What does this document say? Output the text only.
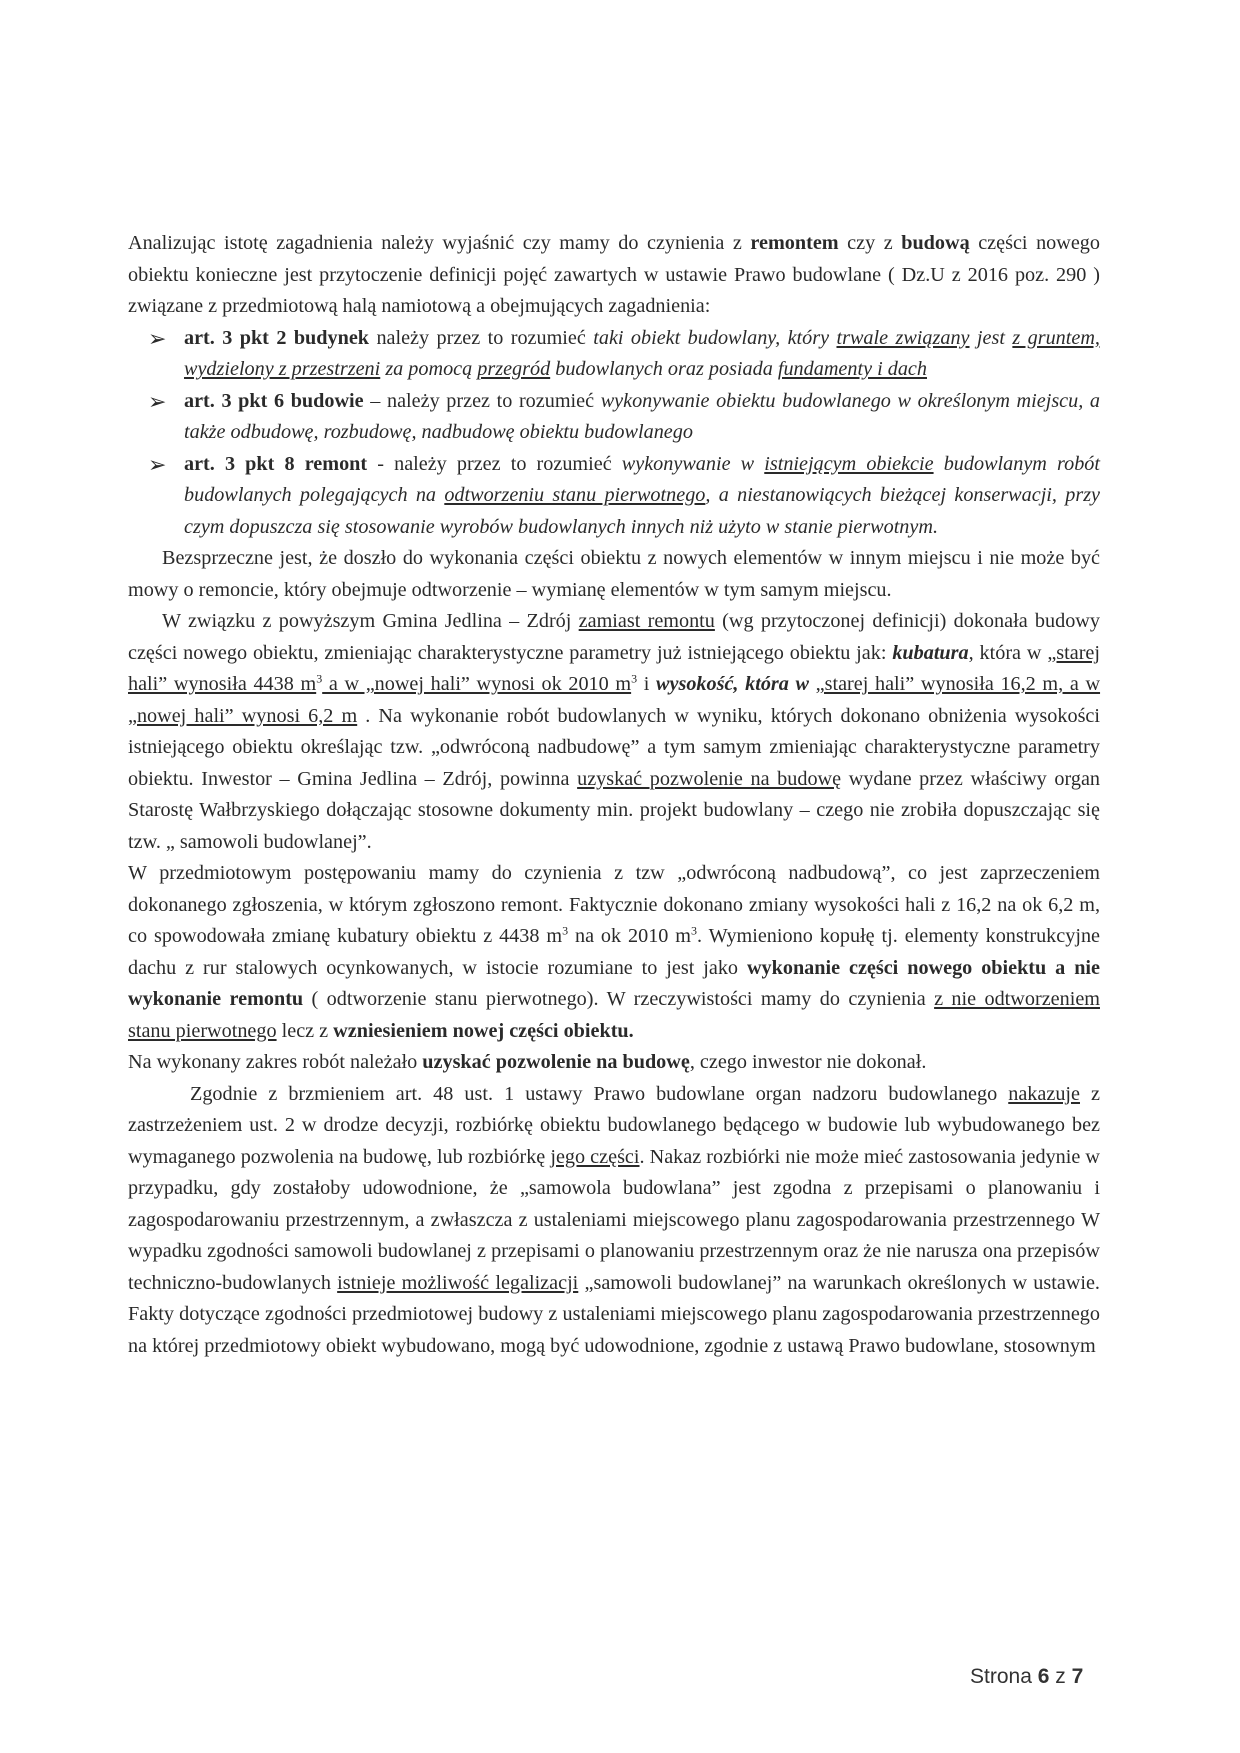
Analizując istotę zagadnienia należy wyjaśnić czy mamy do czynienia z remontem czy z budową części nowego obiektu konieczne jest przytoczenie definicji pojęć zawartych w ustawie Prawo budowlane ( Dz.U z 2016 poz. 290 ) związane z przedmiotową halą namiotową a obejmujących zagadnienia:

➢ art. 3 pkt 2 budynek należy przez to rozumieć taki obiekt budowlany, który trwale związany jest z gruntem, wydzielony z przestrzeni za pomocą przegród budowlanych oraz posiada fundamenty i dach
➢ art. 3 pkt 6 budowie – należy przez to rozumieć wykonywanie obiektu budowlanego w określonym miejscu, a także odbudowę, rozbudowę, nadbudowę obiektu budowlanego
➢ art. 3 pkt 8 remont - należy przez to rozumieć wykonywanie w istniejącym obiekcie budowlanym robót budowlanych polegających na odtworzeniu stanu pierwotnego, a niestanowiących bieżącej konserwacji, przy czym dopuszcza się stosowanie wyrobów budowlanych innych niż użyto w stanie pierwotnym.

Bezsprzeczne jest, że doszło do wykonania części obiektu z nowych elementów w innym miejscu i nie może być mowy o remoncie, który obejmuje odtworzenie – wymianę elementów w tym samym miejscu.

W związku z powyższym Gmina Jedlina – Zdrój zamiast remontu (wg przytoczonej definicji) dokonała budowy części nowego obiektu, zmieniając charakterystyczne parametry już istniejącego obiektu jak: kubatura, która w „starej hali” wynosiła 4438 $m^3$ a w „nowej hali” wynosi ok 2010 $m^3$ i wysokość, która w „starej hali” wynosiła 16,2 m, a w „nowej hali” wynosi 6,2 m . Na wykonanie robót budowlanych w wyniku, których dokonano obniżenia wysokości istniejącego obiektu określając tzw. „odwróconą nadbudowę” a tym samym zmieniając charakterystyczne parametry obiektu. Inwestor – Gmina Jedlina – Zdrój, powinna uzyskać pozwolenie na budowę wydane przez właściwy organ Starostę Wałbrzyskiego dołączając stosowne dokumenty min. projekt budowlany – czego nie zrobiła dopuszczając się tzw. „ samowoli budowlanej”.

W przedmiotowym postępowaniu mamy do czynienia z tzw „odwróconą nadbudową”, co jest zaprzeczeniem dokonanego zgłoszenia, w którym zgłoszono remont. Faktycznie dokonano zmiany wysokości hali z 16,2 na ok 6,2 m, co spowodowała zmianę kubatury obiektu z 4438 $m^3$ na ok 2010 $m^3$. Wymieniono kopułę tj. elementy konstrukcyjne dachu z rur stalowych ocynkowanych, w istocie rozumiane to jest jako wykonanie części nowego obiektu a nie wykonanie remontu ( odtworzenie stanu pierwotnego). W rzeczywistości mamy do czynienia z nie odtworzeniem stanu pierwotnego lecz z wzniesieniem nowej części obiektu.

Na wykonany zakres robót należało uzyskać pozwolenie na budowę, czego inwestor nie dokonał.

Zgodnie z brzmieniem art. 48 ust. 1 ustawy Prawo budowlane organ nadzoru budowlanego nakazuje z zastrzeżeniem ust. 2 w drodze decyzji, rozbiórkę obiektu budowlanego będącego w budowie lub wybudowanego bez wymaganego pozwolenia na budowę, lub rozbiórkę jego części. Nakaz rozbiórki nie może mieć zastosowania jedynie w przypadku, gdy zostałoby udowodnione, że „samowola budowlana” jest zgodna z przepisami o planowaniu i zagospodarowaniu przestrzennym, a zwłaszcza z ustaleniami miejscowego planu zagospodarowania przestrzennego W wypadku zgodności samowoli budowlanej z przepisami o planowaniu przestrzennym oraz że nie narusza ona przepisów techniczno-budowlanych istnieje możliwość legalizacji „samowoli budowlanej” na warunkach określonych w ustawie. Fakty dotyczące zgodności przedmiotowej budowy z ustaleniami miejscowego planu zagospodarowania przestrzennego na której przedmiotowy obiekt wybudowano, mogą być udowodnione, zgodnie z ustawą Prawo budowlane, stosownym

Strona 6 z 7
